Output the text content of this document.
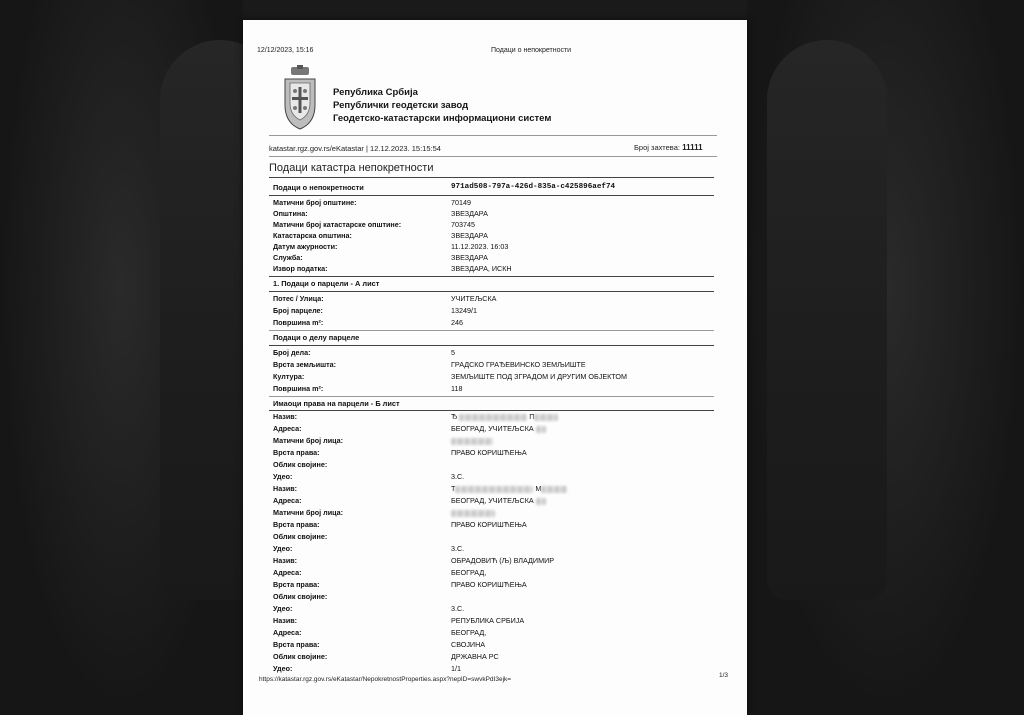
12/12/2023, 15:16	Подаци о непокретности
Република Србија
Републички геодетски завод
Геодетско-катастарски информациони систем
katastar.rgz.gov.rs/eKatastar | 12.12.2023. 15:15:54	Број захтева: 11111
Подаци катастра непокретности
Подаци о непокретности	971ad508-797a-426d-835a-c425896aef74
Матични број општине:	70149
Општина:	ЗВЕЗДАРА
Матични број катастарске општине:	703745
Катастарска општина:	ЗВЕЗДАРА
Датум ажурности:	11.12.2023. 16:03
Служба:	ЗВЕЗДАРА
Извор податка:	ЗВЕЗДАРА, ИСКН
1. Подаци о парцели - А лист
Потес / Улица:	УЧИТЕЉСКА
Број парцеле:	13249/1
Површина m²:	246
Подаци о делу парцеле
Број дела:	5
Врста земљишта:	ГРАДСКО ГРАЂЕВИНСКО ЗЕМЉИШТЕ
Култура:	ЗЕМЉИШТЕ ПОД ЗГРАДОМ И ДРУГИМ ОБЈЕКТОМ
Површина m²:	118
Имаоци права на парцели - Б лист
Назив:	Ђ	П
Адреса:	БЕОГРАД, УЧИТЕЉСКА
Матични број лица:
Врста права:	ПРАВО КОРИШЋЕЊА
Облик својине:
Удео:	3.С.
Назив:	Т	М
Адреса:	БЕОГРАД, УЧИТЕЉСКА
Матични број лица:
Врста права:	ПРАВО КОРИШЋЕЊА
Облик својине:
Удео:	3.С.
Назив:	ОБРАДОВИЋ (Љ) ВЛАДИМИР
Адреса:	БЕОГРАД,
Врста права:	ПРАВО КОРИШЋЕЊА
Облик својине:
Удео:	3.С.
Назив:	РЕПУБЛИКА СРБИЈА
Адреса:	БЕОГРАД,
Врста права:	СВОЈИНА
Облик својине:	ДРЖАВНА РС
Удео:	1/1
https://katastar.rgz.gov.rs/eKatastar/NepokretnostProperties.aspx?nepID=swvkPdI3ejk=
1/3
